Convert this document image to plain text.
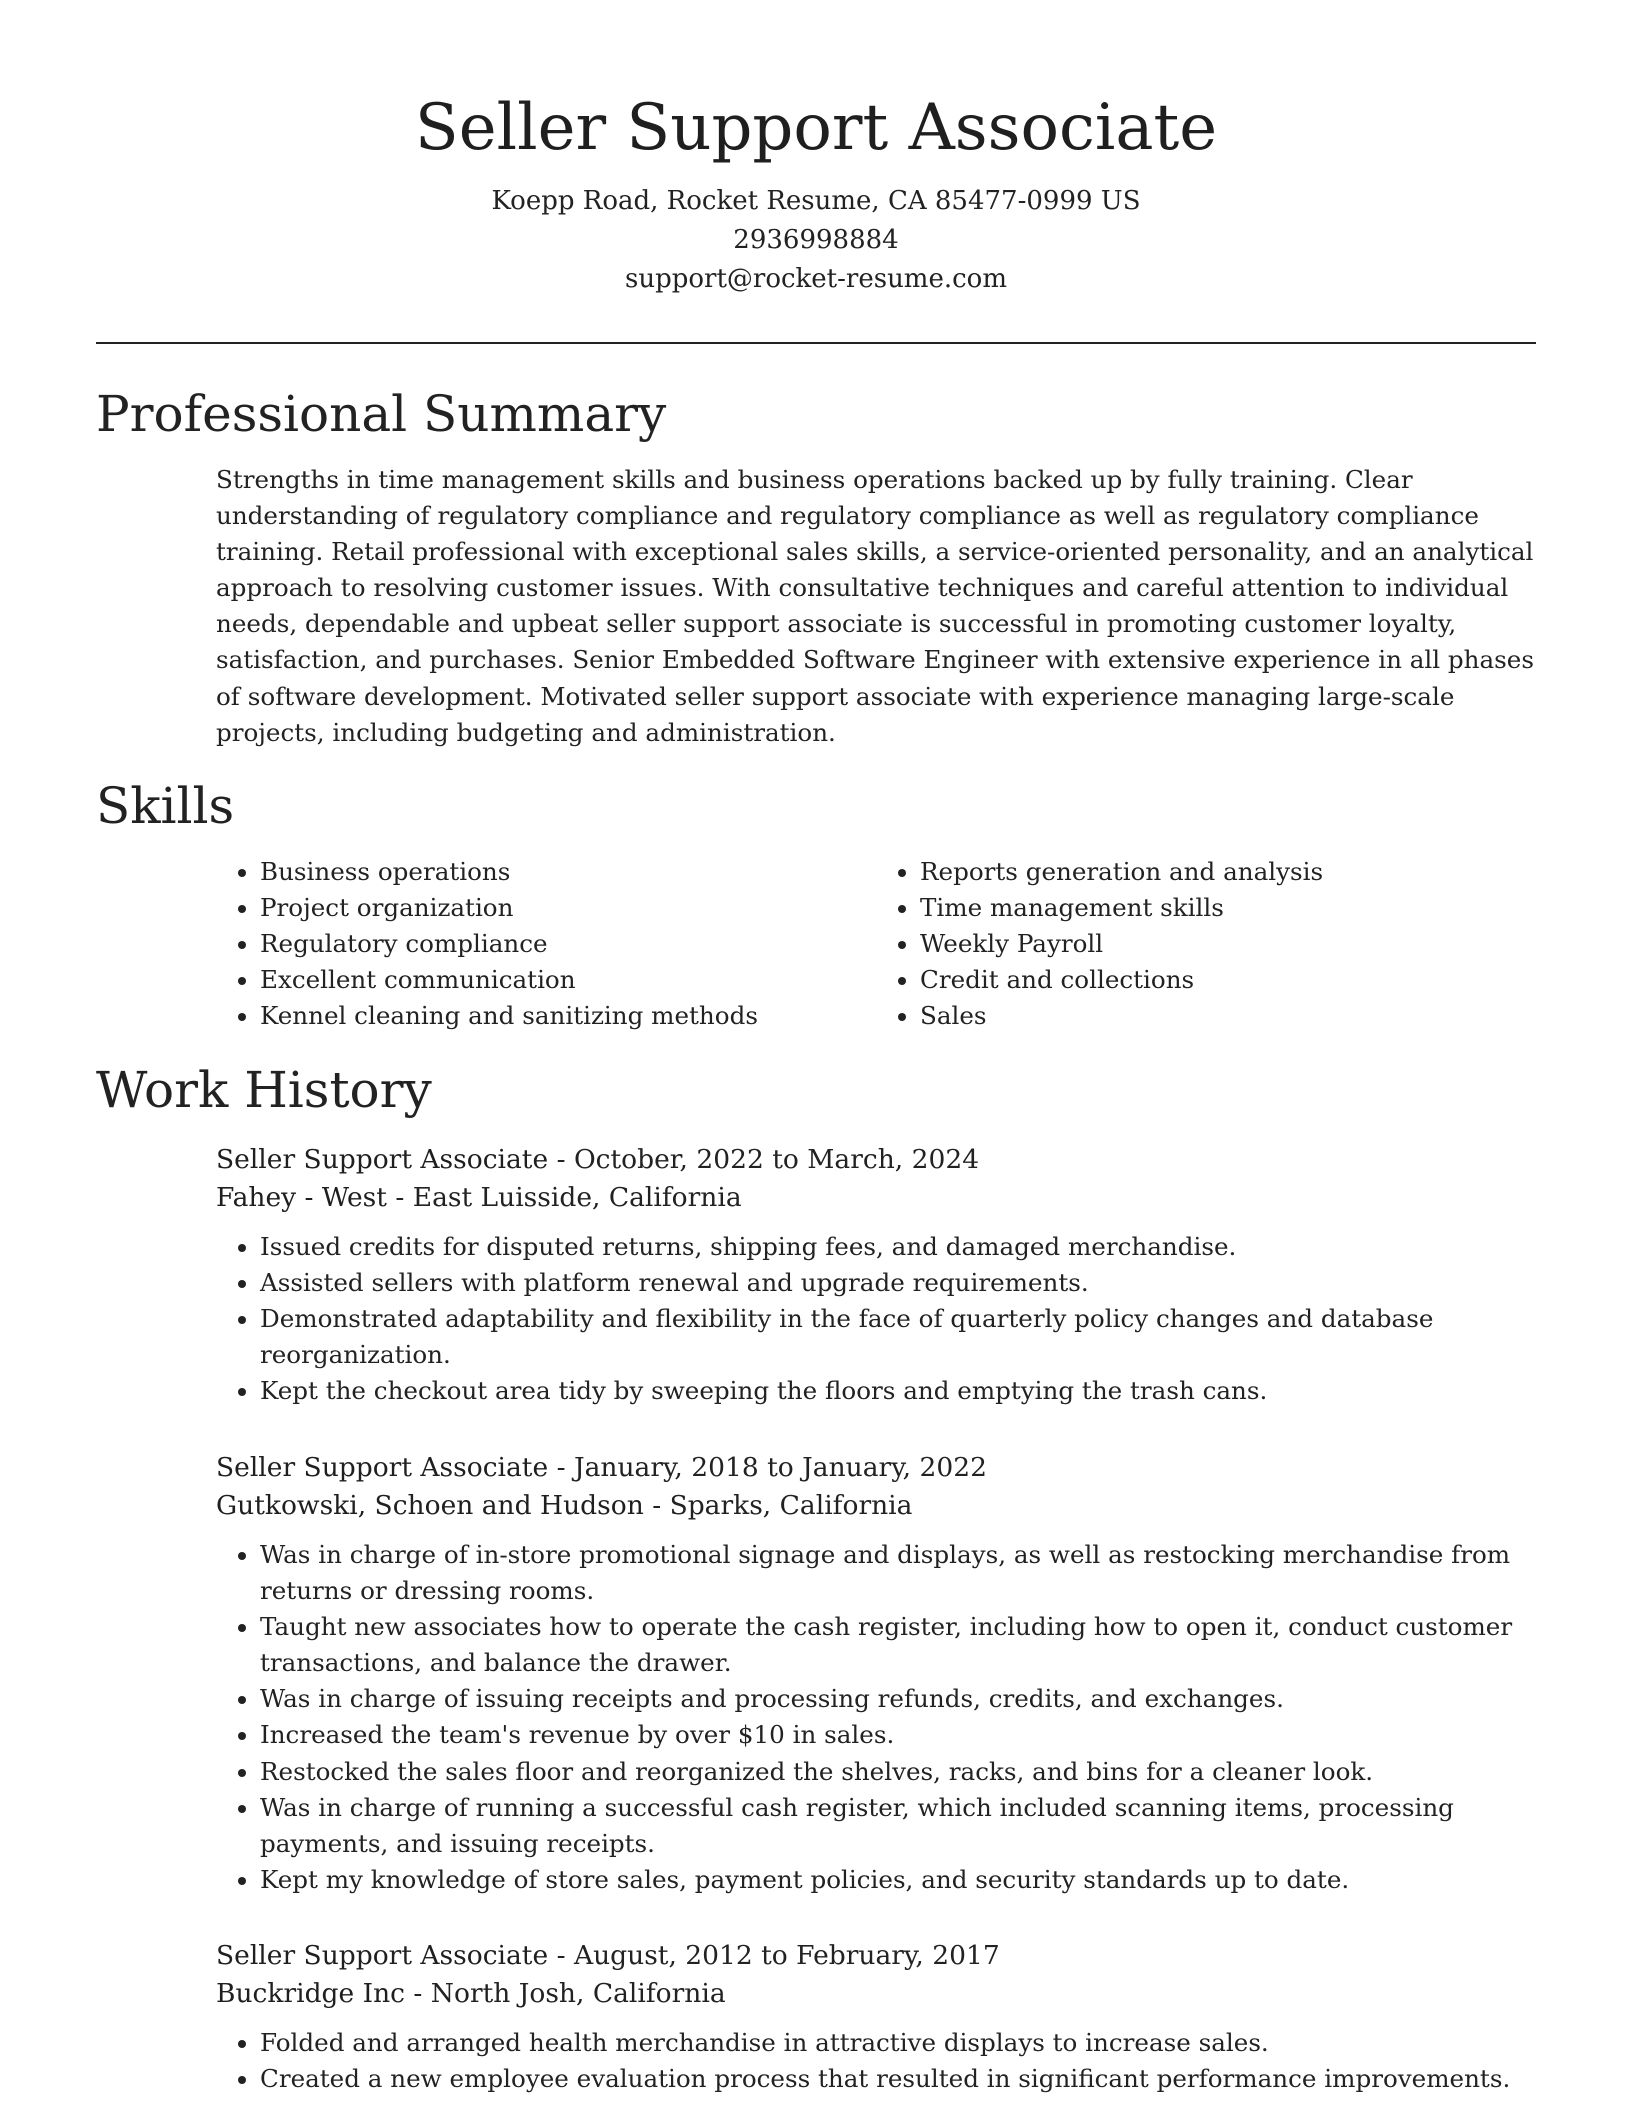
Seller Support Associate
Koepp Road, Rocket Resume, CA 85477-0999 US
2936998884
support@rocket-resume.com
Professional Summary

Strengths in time management skills and business operations backed up by fully training. Clear understanding of regulatory compliance and regulatory compliance as well as regulatory compliance training. Retail professional with exceptional sales skills, a service-oriented personality, and an analytical approach to resolving customer issues. With consultative techniques and careful attention to individual needs, dependable and upbeat seller support associate is successful in promoting customer loyalty, satisfaction, and purchases. Senior Embedded Software Engineer with extensive experience in all phases of software development. Motivated seller support associate with experience managing large-scale projects, including budgeting and administration.

Skills
• Business operations
• Project organization
• Regulatory compliance
• Excellent communication
• Kennel cleaning and sanitizing methods
• Reports generation and analysis
• Time management skills
• Weekly Payroll
• Credit and collections
• Sales
Work History

Seller Support Associate - October, 2022 to March, 2024

Fahey - West - East Luisside, California

• Issued credits for disputed returns, shipping fees, and damaged merchandise.
• Assisted sellers with platform renewal and upgrade requirements.
• Demonstrated adaptability and flexibility in the face of quarterly policy changes and database reorganization.
• Kept the checkout area tidy by sweeping the floors and emptying the trash cans.

Seller Support Associate - January, 2018 to January, 2022

Gutkowski, Schoen and Hudson - Sparks, California

• Was in charge of in-store promotional signage and displays, as well as restocking merchandise from returns or dressing rooms.
• Taught new associates how to operate the cash register, including how to open it, conduct customer transactions, and balance the drawer.
• Was in charge of issuing receipts and processing refunds, credits, and exchanges.
• Increased the team's revenue by over $10 in sales.
• Restocked the sales floor and reorganized the shelves, racks, and bins for a cleaner look.
• Was in charge of running a successful cash register, which included scanning items, processing payments, and issuing receipts.
• Kept my knowledge of store sales, payment policies, and security standards up to date.

Seller Support Associate - August, 2012 to February, 2017

Buckridge Inc - North Josh, California

• Folded and arranged health merchandise in attractive displays to increase sales.
• Created a new employee evaluation process that resulted in significant performance improvements.
